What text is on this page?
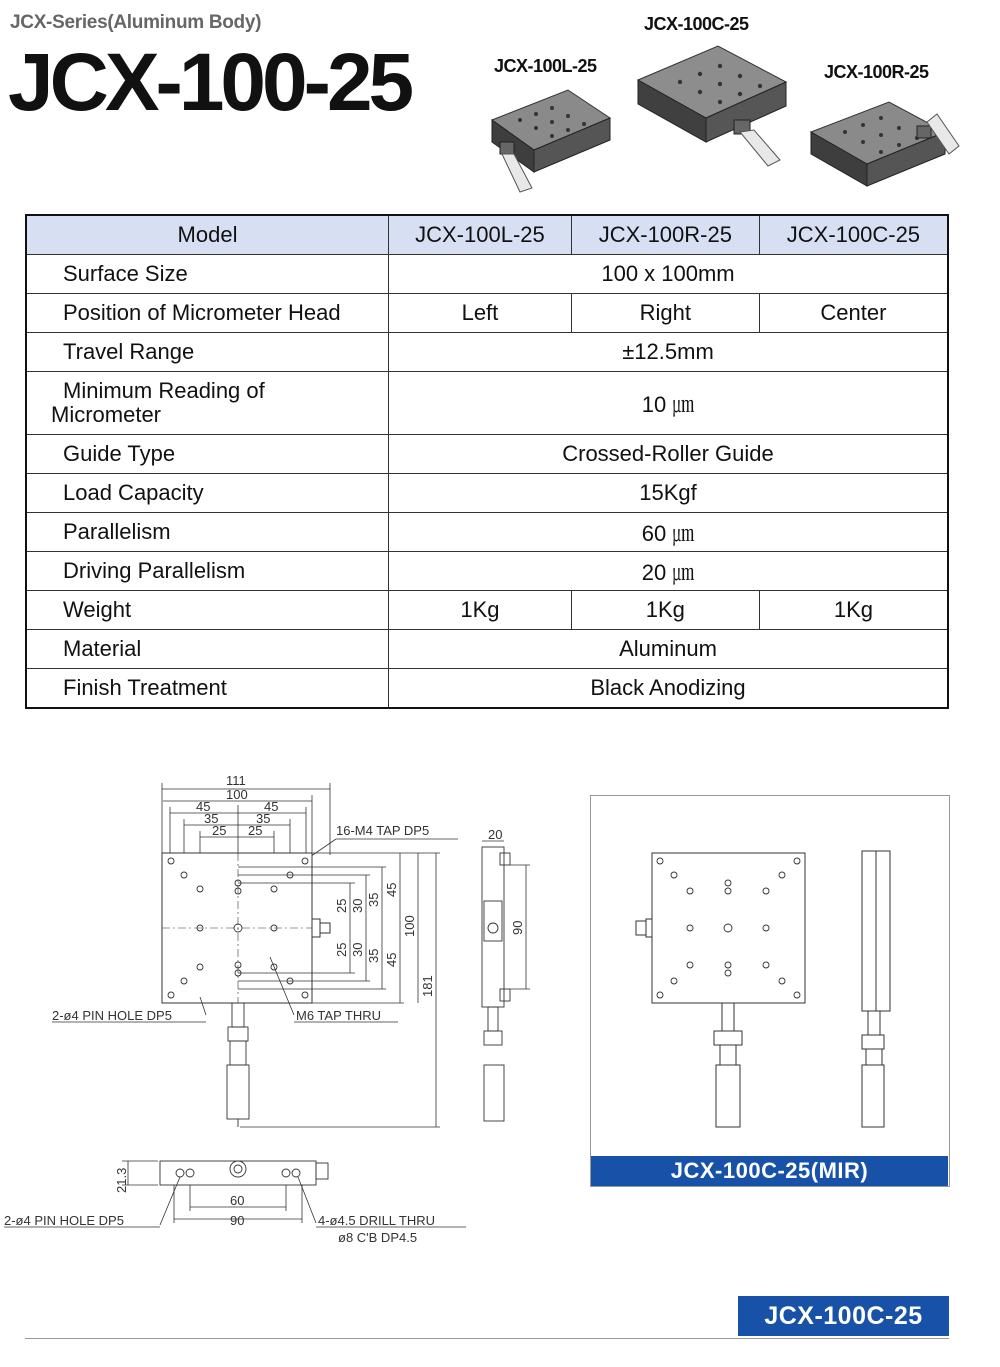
JCX-Series(Aluminum Body)
JCX-100-25	JCX-100L-25
JCX-100C-25
JCX-100R-25
Model	JCX-100L-25	JCX-100R-25	JCX-100C-25
Surface Size	100 x 100mm		
Position of Micrometer Head	Left	Right	Center
Travel Range	±12.5mm		

Minimum Reading of
Micrometer	10 ㎛		
Guide Type	Crossed-Roller Guide		
Load Capacity	15Kgf		
Parallelism	60 ㎛		
Driving Parallelism	20 ㎛		
Weight	1Kg	1Kg	1Kg
Material	Aluminum		
Finish Treatment	Black Anodizing		
111
100
45	45
35	35
25 25	16-M4 TAP DP5
25 30 35
45
100
25 30 35 45
181
2-ø4 PIN HOLE DP5	M6 TAP THRU
20
90
21.3
60
90
2-ø4 PIN HOLE DP5	4-ø4.5 DRILL THRU
ø8 C'B DP4.5
JCX-100C-25(MIR)
JCX-100C-25
